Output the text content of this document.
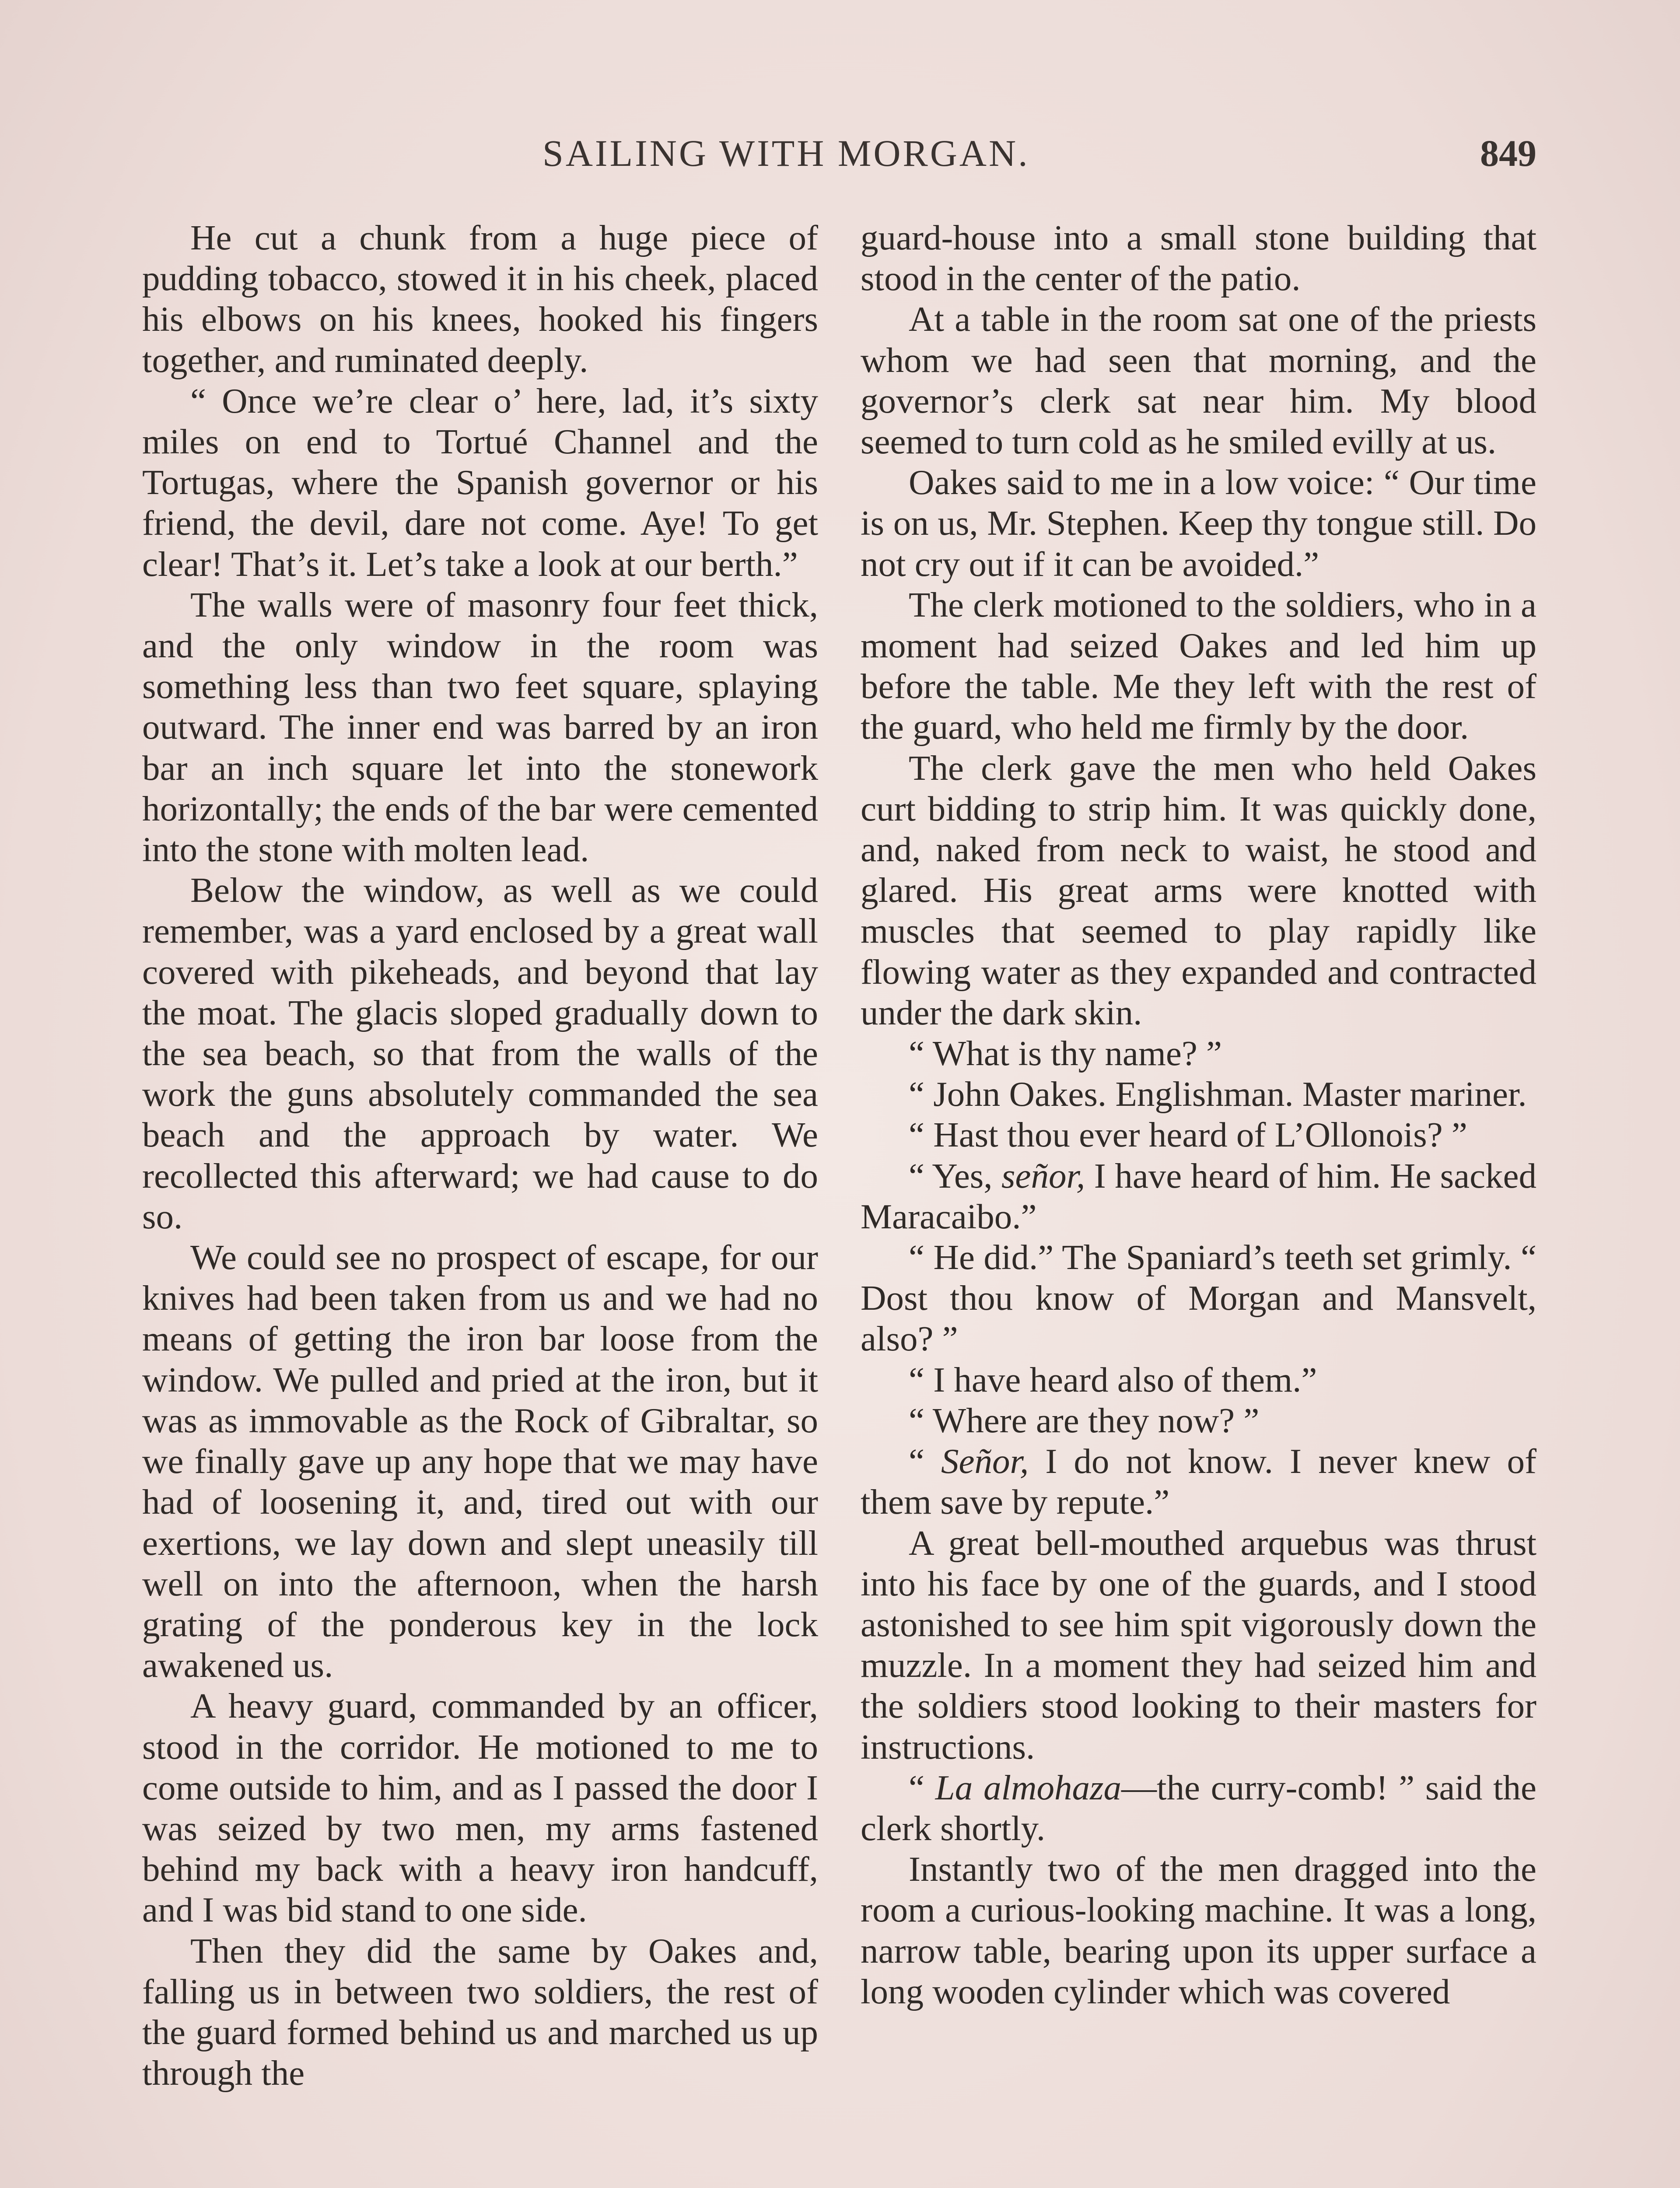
SAILING WITH MORGAN.	849

He cut a chunk from a huge piece of pudding tobacco, stowed it in his cheek, placed his elbows on his knees, hooked his fingers together, and ruminated deeply.

“ Once we’re clear o’ here, lad, it’s sixty miles on end to Tortué Channel and the Tortugas, where the Spanish governor or his friend, the devil, dare not come. Aye! To get clear! That’s it. Let’s take a look at our berth.”

The walls were of masonry four feet thick, and the only window in the room was something less than two feet square, splaying outward. The inner end was barred by an iron bar an inch square let into the stonework horizontally; the ends of the bar were cemented into the stone with molten lead.

Below the window, as well as we could remember, was a yard enclosed by a great wall covered with pikeheads, and beyond that lay the moat. The glacis sloped gradually down to the sea beach, so that from the walls of the work the guns absolutely commanded the sea beach and the approach by water. We recollected this afterward; we had cause to do so.

We could see no prospect of escape, for our knives had been taken from us and we had no means of getting the iron bar loose from the window. We pulled and pried at the iron, but it was as immovable as the Rock of Gibraltar, so we finally gave up any hope that we may have had of loosening it, and, tired out with our exertions, we lay down and slept uneasily till well on into the afternoon, when the harsh grating of the ponderous key in the lock awakened us.

A heavy guard, commanded by an officer, stood in the corridor. He motioned to me to come outside to him, and as I passed the door I was seized by two men, my arms fastened behind my back with a heavy iron handcuff, and I was bid stand to one side.

Then they did the same by Oakes and, falling us in between two soldiers, the rest of the guard formed behind us and marched us up through the

guard-house into a small stone building that stood in the center of the patio.

At a table in the room sat one of the priests whom we had seen that morning, and the governor’s clerk sat near him. My blood seemed to turn cold as he smiled evilly at us.

Oakes said to me in a low voice: “ Our time is on us, Mr. Stephen. Keep thy tongue still. Do not cry out if it can be avoided.”

The clerk motioned to the soldiers, who in a moment had seized Oakes and led him up before the table. Me they left with the rest of the guard, who held me firmly by the door.

The clerk gave the men who held Oakes curt bidding to strip him. It was quickly done, and, naked from neck to waist, he stood and glared. His great arms were knotted with muscles that seemed to play rapidly like flowing water as they expanded and contracted under the dark skin.

“ What is thy name? ”

“ John Oakes. Englishman. Master mariner.

“ Hast thou ever heard of L’Ollonois? ”

“ Yes, señor, I have heard of him. He sacked Maracaibo.”

“ He did.” The Spaniard’s teeth set grimly. “ Dost thou know of Morgan and Mansvelt, also? ”

“ I have heard also of them.”

“ Where are they now? ”

“ Señor, I do not know. I never knew of them save by repute.”

A great bell-mouthed arquebus was thrust into his face by one of the guards, and I stood astonished to see him spit vigorously down the muzzle. In a moment they had seized him and the soldiers stood looking to their masters for instructions.

“ La almohaza—the curry-comb! ” said the clerk shortly.

Instantly two of the men dragged into the room a curious-looking machine. It was a long, narrow table, bearing upon its upper surface a long wooden cylinder which was covered
